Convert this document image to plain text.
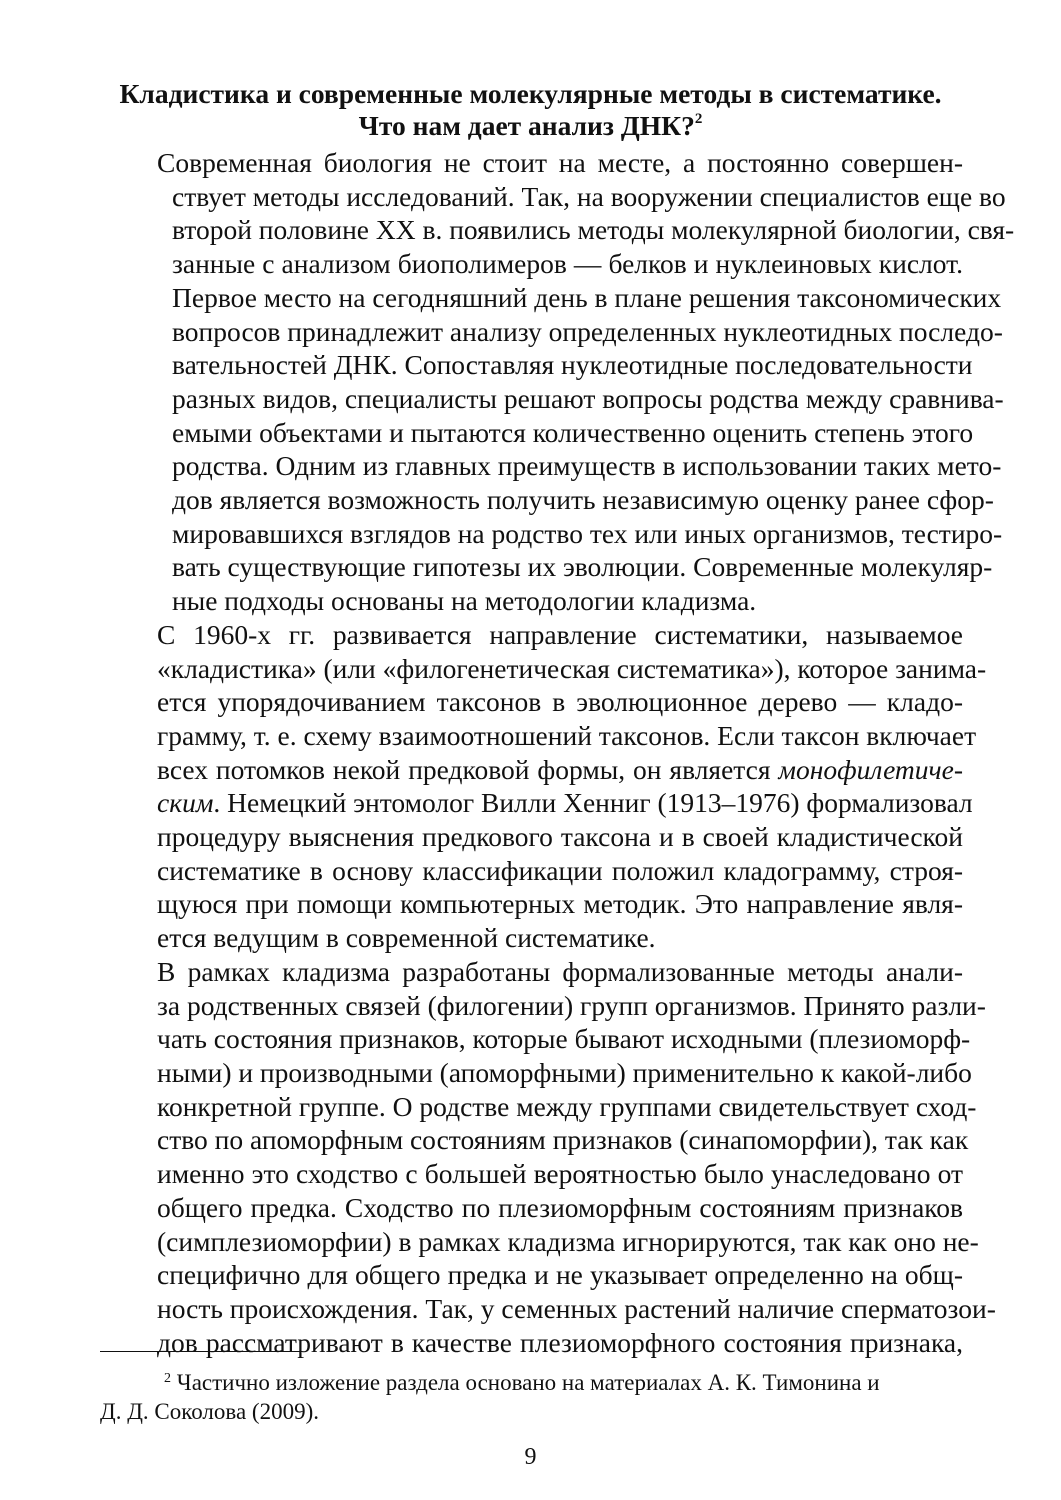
Кладистика и современные молекулярные методы в систематике.
Что нам дает анализ ДНК?$^2$
Современная биология не стоит на месте, а постоянно совершен-
ствует методы исследований. Так, на вооружении специалистов еще во
второй половине XX в. появились методы молекулярной биологии, свя-
занные с анализом биополимеров — белков и нуклеиновых кислот.
Первое место на сегодняшний день в плане решения таксономических
вопросов принадлежит анализу определенных нуклеотидных последо-
вательностей ДНК. Сопоставляя нуклеотидные последовательности
разных видов, специалисты решают вопросы родства между сравнива-
емыми объектами и пытаются количественно оценить степень этого
родства. Одним из главных преимуществ в использовании таких мето-
дов является возможность получить независимую оценку ранее сфор-
мировавшихся взглядов на родство тех или иных организмов, тестиро-
вать существующие гипотезы их эволюции. Современные молекуляр-
ные подходы основаны на методологии кладизма.
С 1960-х гг. развивается направление систематики, называемое
«кладистика» (или «филогенетическая систематика»), которое занима-
ется упорядочиванием таксонов в эволюционное дерево — кладо-
грамму, т. е. схему взаимоотношений таксонов. Если таксон включает
всех потомков некой предковой формы, он является монофилетиче-
ским. Немецкий энтомолог Вилли Хенниг (1913–1976) формализовал
процедуру выяснения предкового таксона и в своей кладистической
систематике в основу классификации положил кладограмму, строя-
щуюся при помощи компьютерных методик. Это направление явля-
ется ведущим в современной систематике.
В рамках кладизма разработаны формализованные методы анали-
за родственных связей (филогении) групп организмов. Принято разли-
чать состояния признаков, которые бывают исходными (плезиоморф-
ными) и производными (апоморфными) применительно к какой-либо
конкретной группе. О родстве между группами свидетельствует сход-
ство по апоморфным состояниям признаков (синапоморфии), так как
именно это сходство с большей вероятностью было унаследовано от
общего предка. Сходство по плезиоморфным состояниям признаков
(симплезиоморфии) в рамках кладизма игнорируются, так как оно не-
специфично для общего предка и не указывает определенно на общ-
ность происхождения. Так, у семенных растений наличие сперматозои-
дов рассматривают в качестве плезиоморфного состояния признака,
$^2$ Частично изложение раздела основано на материалах А. К. Тимонина и
Д. Д. Соколова (2009).
9
